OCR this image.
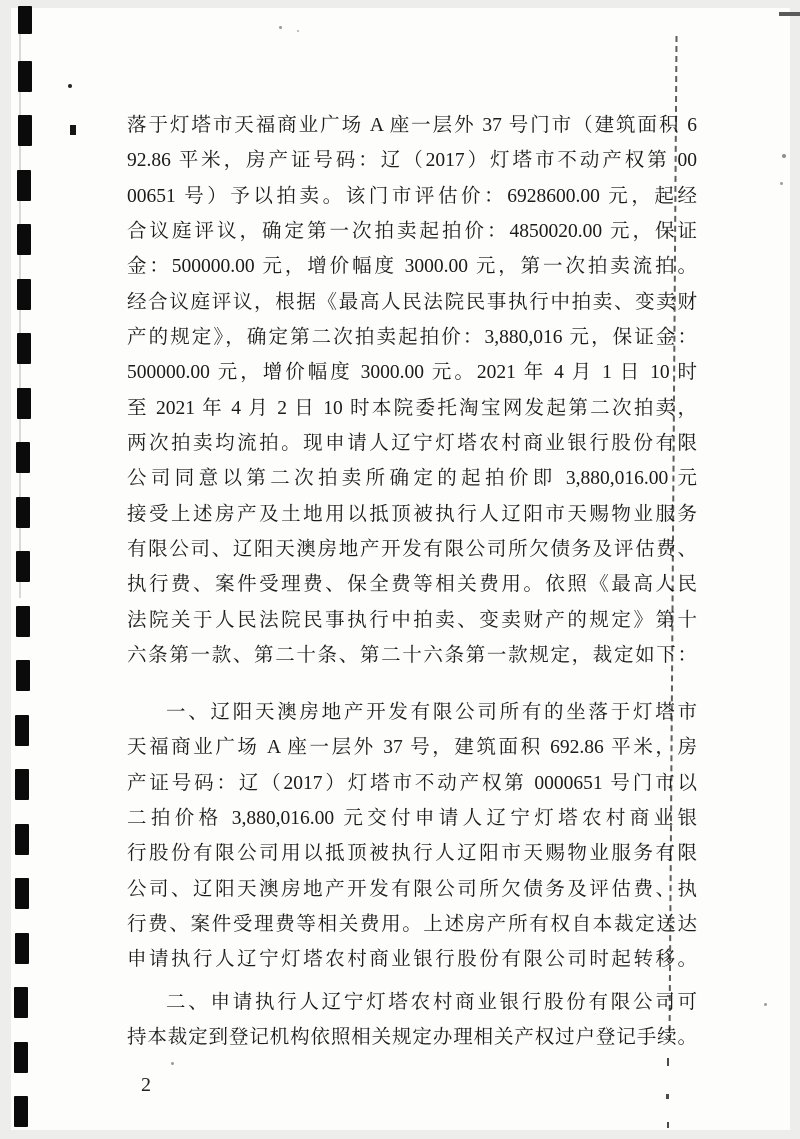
落于灯塔市天福商业广场 A 座一层外 37 号门市（建筑面积 6
92.86 平米，房产证号码：辽（2017）灯塔市不动产权第 00
00651 号）予以拍卖。该门市评估价：6928600.00 元，起经
合议庭评议，确定第一次拍卖起拍价：4850020.00 元，保证
金：500000.00 元，增价幅度 3000.00 元，第一次拍卖流拍。
经合议庭评议，根据《最高人民法院民事执行中拍卖、变卖财
产的规定》，确定第二次拍卖起拍价：3,880,016 元，保证金：
500000.00 元，增价幅度 3000.00 元。2021 年 4 月 1 日 10 时
至 2021 年 4 月 2 日 10 时本院委托淘宝网发起第二次拍卖，
两次拍卖均流拍。现申请人辽宁灯塔农村商业银行股份有限
公司同意以第二次拍卖所确定的起拍价即 3,880,016.00 元
接受上述房产及土地用以抵顶被执行人辽阳市天赐物业服务
有限公司、辽阳天澳房地产开发有限公司所欠债务及评估费、
执行费、案件受理费、保全费等相关费用。依照《最高人民
法院关于人民法院民事执行中拍卖、变卖财产的规定》第十
六条第一款、第二十条、第二十六条第一款规定，裁定如下：
一、辽阳天澳房地产开发有限公司所有的坐落于灯塔市
天福商业广场 A 座一层外 37 号，建筑面积 692.86 平米，房
产证号码：辽（2017）灯塔市不动产权第 0000651 号门市以
二拍价格 3,880,016.00 元交付申请人辽宁灯塔农村商业银
行股份有限公司用以抵顶被执行人辽阳市天赐物业服务有限
公司、辽阳天澳房地产开发有限公司所欠债务及评估费、执
行费、案件受理费等相关费用。上述房产所有权自本裁定送达
申请执行人辽宁灯塔农村商业银行股份有限公司时起转移。
二、申请执行人辽宁灯塔农村商业银行股份有限公司可
持本裁定到登记机构依照相关规定办理相关产权过户登记手续。
2
